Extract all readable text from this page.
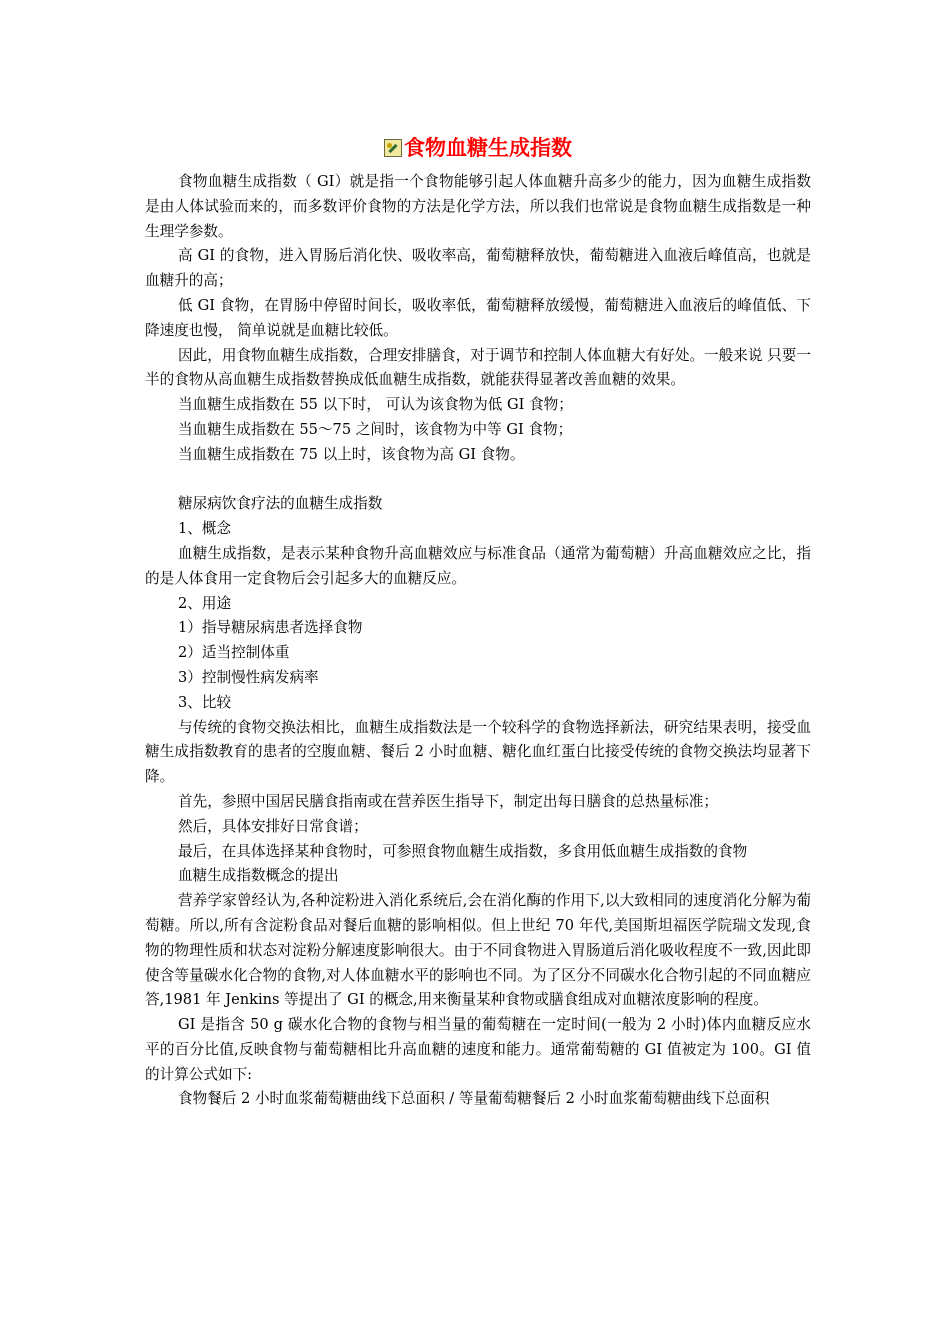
食物血糖生成指数

食物血糖生成指数（ GI）就是指一个食物能够引起人体血糖升高多少的能力，因为血糖生成指数是由人体试验而来的，而多数评价食物的方法是化学方法，所以我们也常说是食物血糖生成指数是一种生理学参数。

高 GI 的食物，进入胃肠后消化快、吸收率高，葡萄糖释放快，葡萄糖进入血液后峰值高，也就是血糖升的高；

低 GI 食物，在胃肠中停留时间长，吸收率低，葡萄糖释放缓慢，葡萄糖进入血液后的峰值低、下降速度也慢， 简单说就是血糖比较低。

因此，用食物血糖生成指数，合理安排膳食，对于调节和控制人体血糖大有好处。一般来说 只要一半的食物从高血糖生成指数替换成低血糖生成指数，就能获得显著改善血糖的效果。

当血糖生成指数在 55 以下时， 可认为该食物为低 GI 食物；

当血糖生成指数在 55～75 之间时，该食物为中等 GI 食物；

当血糖生成指数在 75 以上时，该食物为高 GI 食物。

糖尿病饮食疗法的血糖生成指数

1、概念

血糖生成指数，是表示某种食物升高血糖效应与标准食品（通常为葡萄糖）升高血糖效应之比，指的是人体食用一定食物后会引起多大的血糖反应。

2、用途

1）指导糖尿病患者选择食物

2）适当控制体重

3）控制慢性病发病率

3、比较

与传统的食物交换法相比，血糖生成指数法是一个较科学的食物选择新法，研究结果表明，接受血糖生成指数教育的患者的空腹血糖、餐后 2 小时血糖、糖化血红蛋白比接受传统的食物交换法均显著下降。

首先，参照中国居民膳食指南或在营养医生指导下，制定出每日膳食的总热量标准；

然后，具体安排好日常食谱；

最后，在具体选择某种食物时，可参照食物血糖生成指数，多食用低血糖生成指数的食物

血糖生成指数概念的提出

营养学家曾经认为,各种淀粉进入消化系统后,会在消化酶的作用下,以大致相同的速度消化分解为葡萄糖。所以,所有含淀粉食品对餐后血糖的影响相似。但上世纪 70 年代,美国斯坦福医学院瑞文发现,食物的物理性质和状态对淀粉分解速度影响很大。由于不同食物进入胃肠道后消化吸收程度不一致,因此即使含等量碳水化合物的食物,对人体血糖水平的影响也不同。为了区分不同碳水化合物引起的不同血糖应答,1981 年 Jenkins 等提出了 GI 的概念,用来衡量某种食物或膳食组成对血糖浓度影响的程度。

GI 是指含 50 g 碳水化合物的食物与相当量的葡萄糖在一定时间(一般为 2 小时)体内血糖反应水平的百分比值,反映食物与葡萄糖相比升高血糖的速度和能力。通常葡萄糖的 GI 值被定为 100。GI 值的计算公式如下:

食物餐后 2 小时血浆葡萄糖曲线下总面积 / 等量葡萄糖餐后 2 小时血浆葡萄糖曲线下总面积
